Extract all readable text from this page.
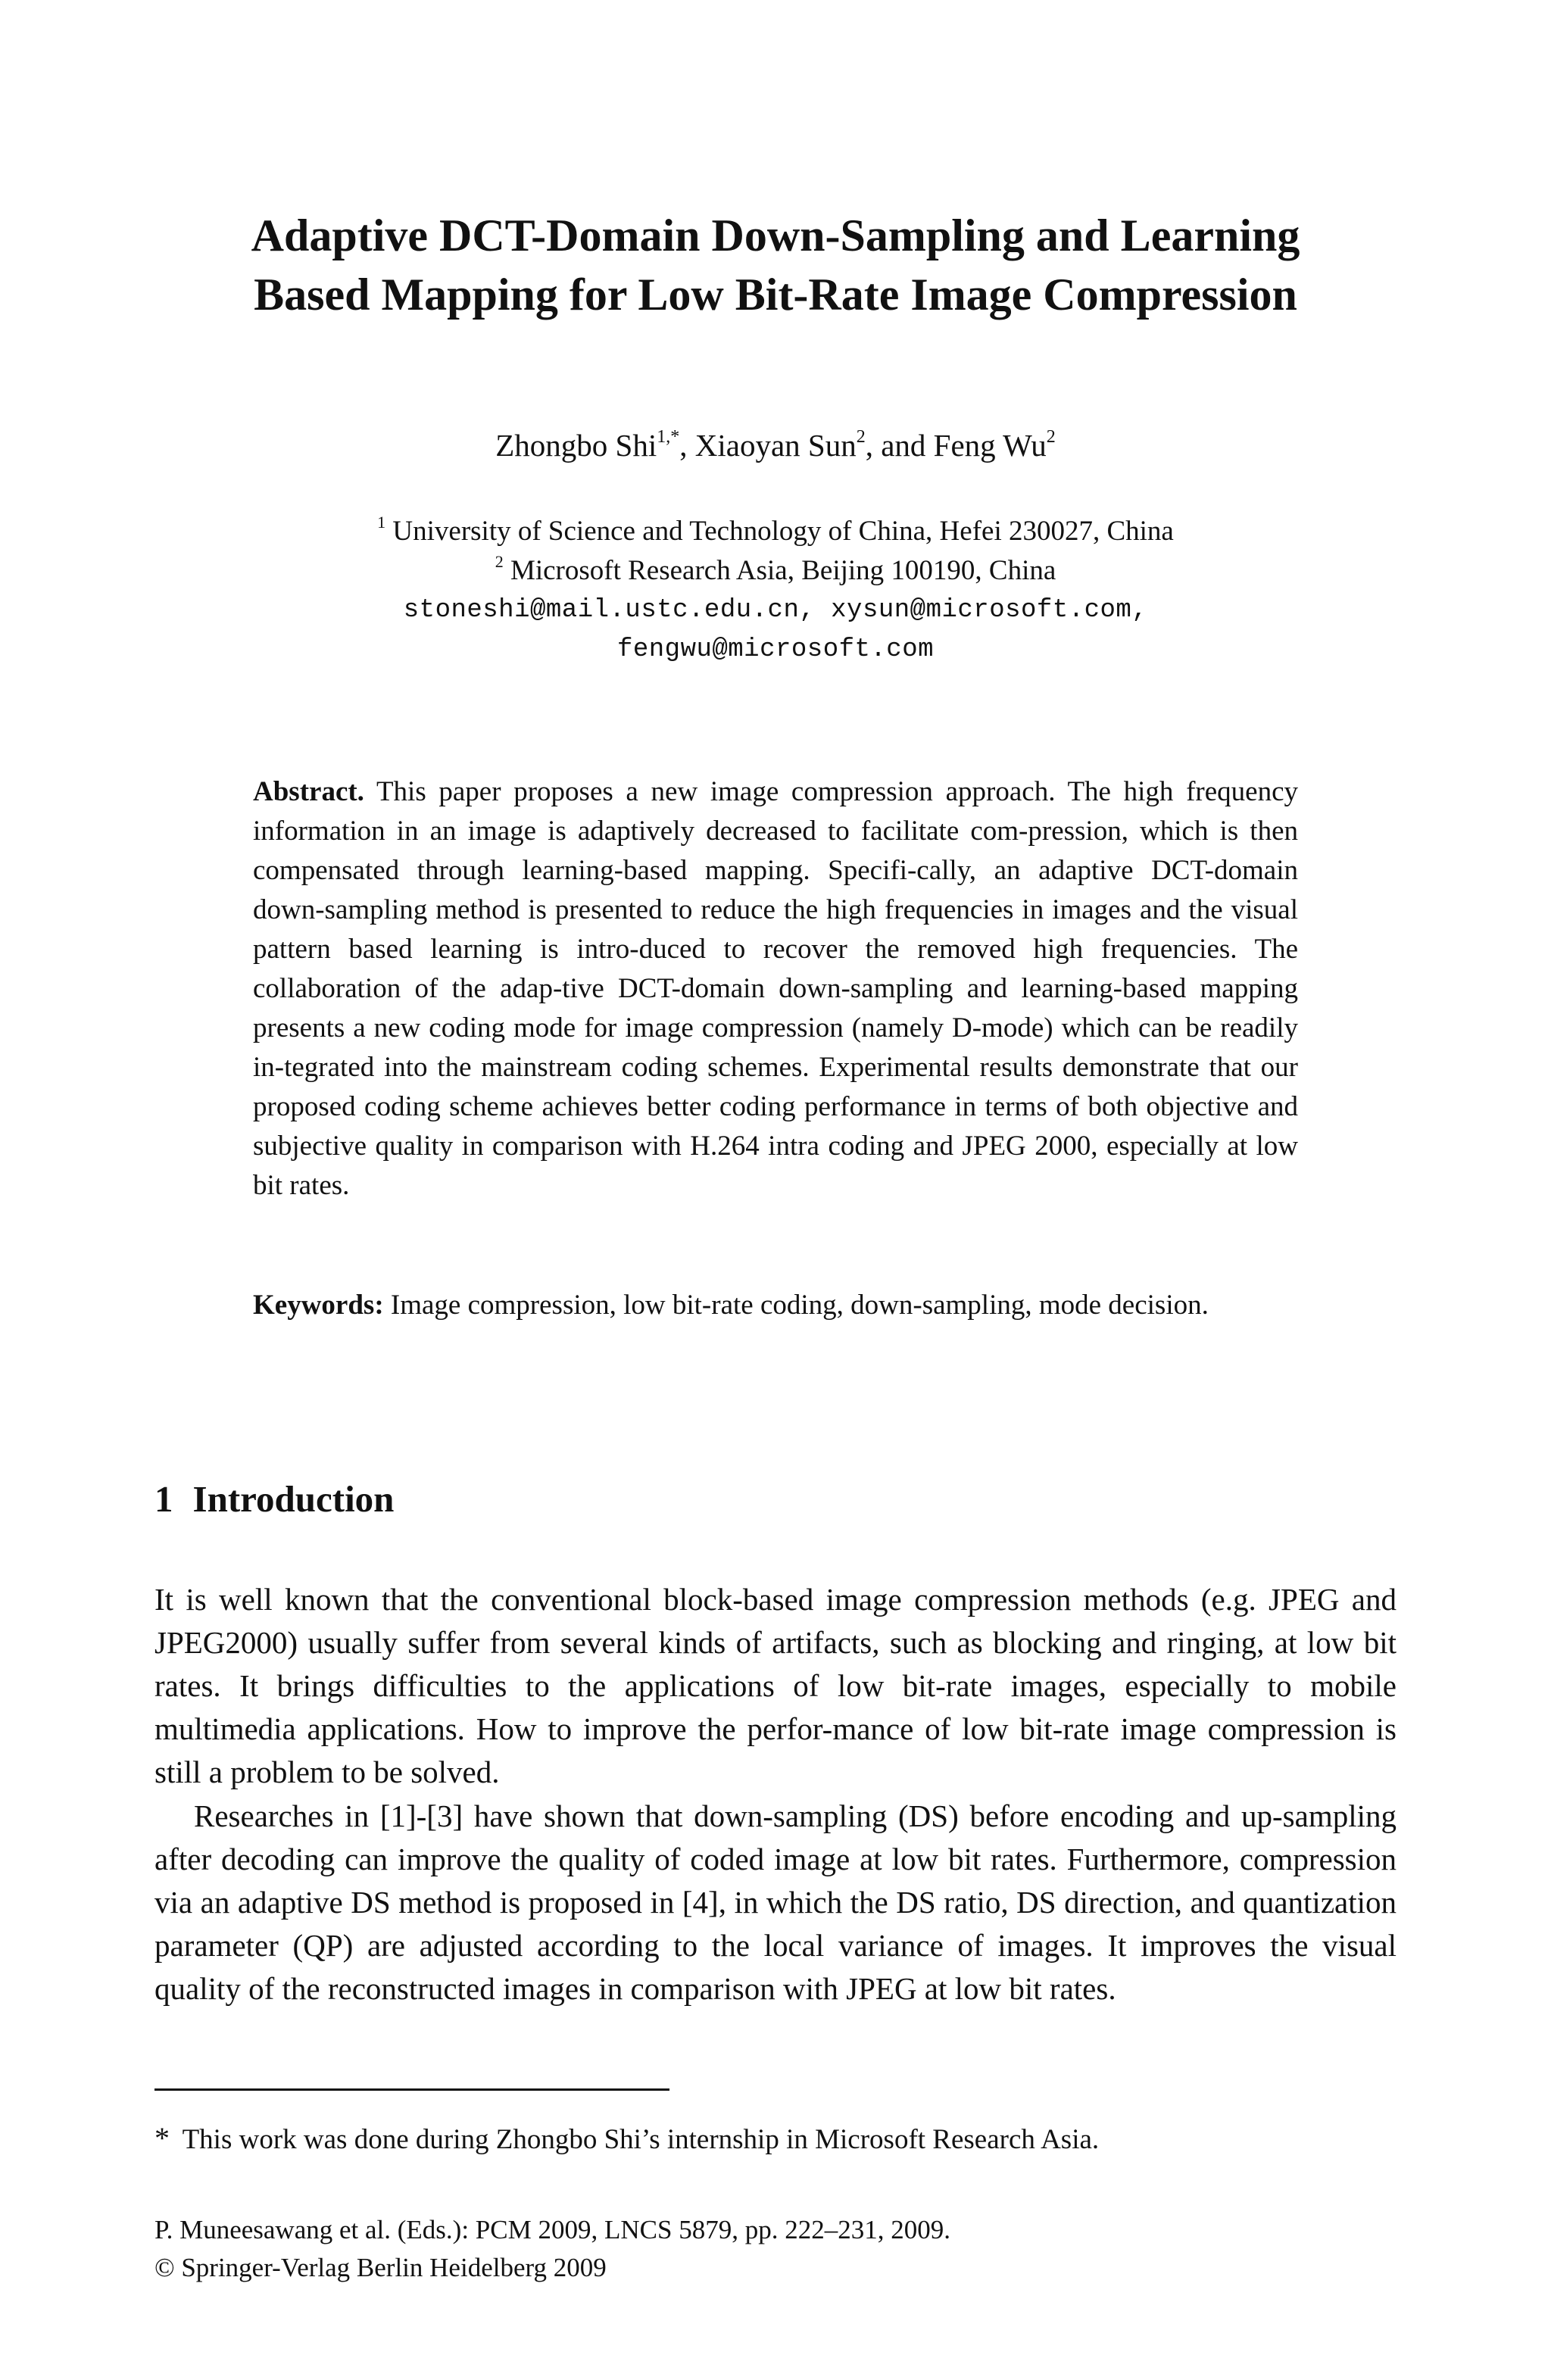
Adaptive DCT-Domain Down-Sampling and Learning
Based Mapping for Low Bit-Rate Image Compression
Zhongbo Shi$^{1,*}$, Xiaoyan Sun$^2$, and Feng Wu$^2$
$^1$ University of Science and Technology of China, Hefei 230027, China
$^2$ Microsoft Research Asia, Beijing 100190, China
stoneshi@mail.ustc.edu.cn, xysun@microsoft.com,
fengwu@microsoft.com

Abstract. This paper proposes a new image compression approach. The high frequency information in an image is adaptively decreased to facilitate com-pression, which is then compensated through learning-based mapping. Specifi-cally, an adaptive DCT-domain down-sampling method is presented to reduce the high frequencies in images and the visual pattern based learning is intro-duced to recover the removed high frequencies. The collaboration of the adap-tive DCT-domain down-sampling and learning-based mapping presents a new coding mode for image compression (namely D-mode) which can be readily in-tegrated into the mainstream coding schemes. Experimental results demonstrate that our proposed coding scheme achieves better coding performance in terms of both objective and subjective quality in comparison with H.264 intra coding and JPEG 2000, especially at low bit rates.

Keywords: Image compression, low bit-rate coding, down-sampling, mode decision.

1 Introduction

It is well known that the conventional block-based image compression methods (e.g. JPEG and JPEG2000) usually suffer from several kinds of artifacts, such as blocking and ringing, at low bit rates. It brings difficulties to the applications of low bit-rate images, especially to mobile multimedia applications. How to improve the perfor-mance of low bit-rate image compression is still a problem to be solved.

Researches in [1]-[3] have shown that down-sampling (DS) before encoding and up-sampling after decoding can improve the quality of coded image at low bit rates. Furthermore, compression via an adaptive DS method is proposed in [4], in which the DS ratio, DS direction, and quantization parameter (QP) are adjusted according to the local variance of images. It improves the visual quality of the reconstructed images in comparison with JPEG at low bit rates.

* This work was done during Zhongbo Shi’s internship in Microsoft Research Asia.

P. Muneesawang et al. (Eds.): PCM 2009, LNCS 5879, pp. 222–231, 2009.
© Springer-Verlag Berlin Heidelberg 2009
